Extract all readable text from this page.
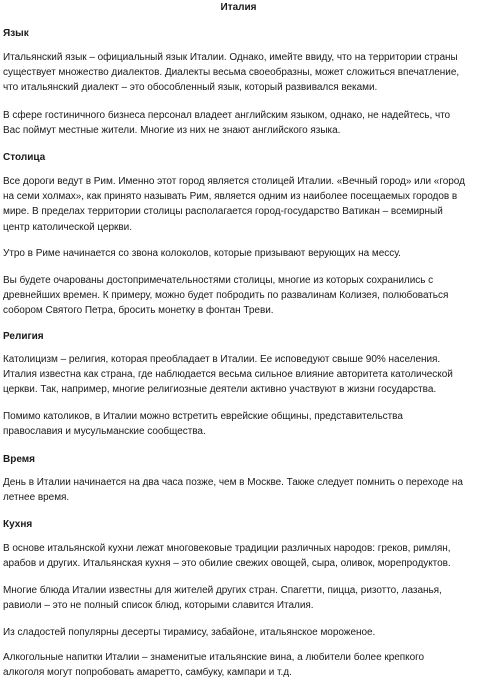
Италия
Язык
Итальянский язык – официальный язык Италии. Однако, имейте ввиду, что на территории страны
существует множество диалектов. Диалекты весьма своеобразны, может сложиться впечатление,
что итальянский диалект – это обособленный язык, который развивался веками.
В сфере гостиничного бизнеса персонал владеет английским языком, однако, не надейтесь, что
Вас поймут местные жители. Многие из них не знают английского языка.
Столица
Все дороги ведут в Рим. Именно этот город является столицей Италии. «Вечный город» или «город
на семи холмах», как принято называть Рим, является одним из наиболее посещаемых городов в
мире. В пределах территории столицы располагается город-государство Ватикан – всемирный
центр католической церкви.
Утро в Риме начинается со звона колоколов, которые призывают верующих на мессу.
Вы будете очарованы достопримечательностями столицы, многие из которых сохранились с
древнейших времен. К примеру, можно будет побродить по развалинам Колизея, полюбоваться
собором Святого Петра, бросить монетку в фонтан Треви.
Религия
Католицизм – религия, которая преобладает в Италии. Ее исповедуют свыше 90% населения.
Италия известна как страна, где наблюдается весьма сильное влияние авторитета католической
церкви. Так, например, многие религиозные деятели активно участвуют в жизни государства.
Помимо католиков, в Италии можно встретить еврейские общины, представительства
православия и мусульманские сообщества.
Время
День в Италии начинается на два часа позже, чем в Москве. Также следует помнить о переходе на
летнее время.
Кухня
В основе итальянской кухни лежат многовековые традиции различных народов: греков, римлян,
арабов и других. Итальянская кухня – это обилие свежих овощей, сыра, оливок, морепродуктов.
Многие блюда Италии известны для жителей других стран. Спагетти, пицца, ризотто, лазанья,
равиоли – это не полный список блюд, которыми славится Италия.
Из сладостей популярны десерты тирамису, забайоне, итальянское мороженое.
Алкогольные напитки Италии – знаменитые итальянские вина, а любители более крепкого
алкоголя могут попробовать амаретто, самбуку, кампари и т.д.
